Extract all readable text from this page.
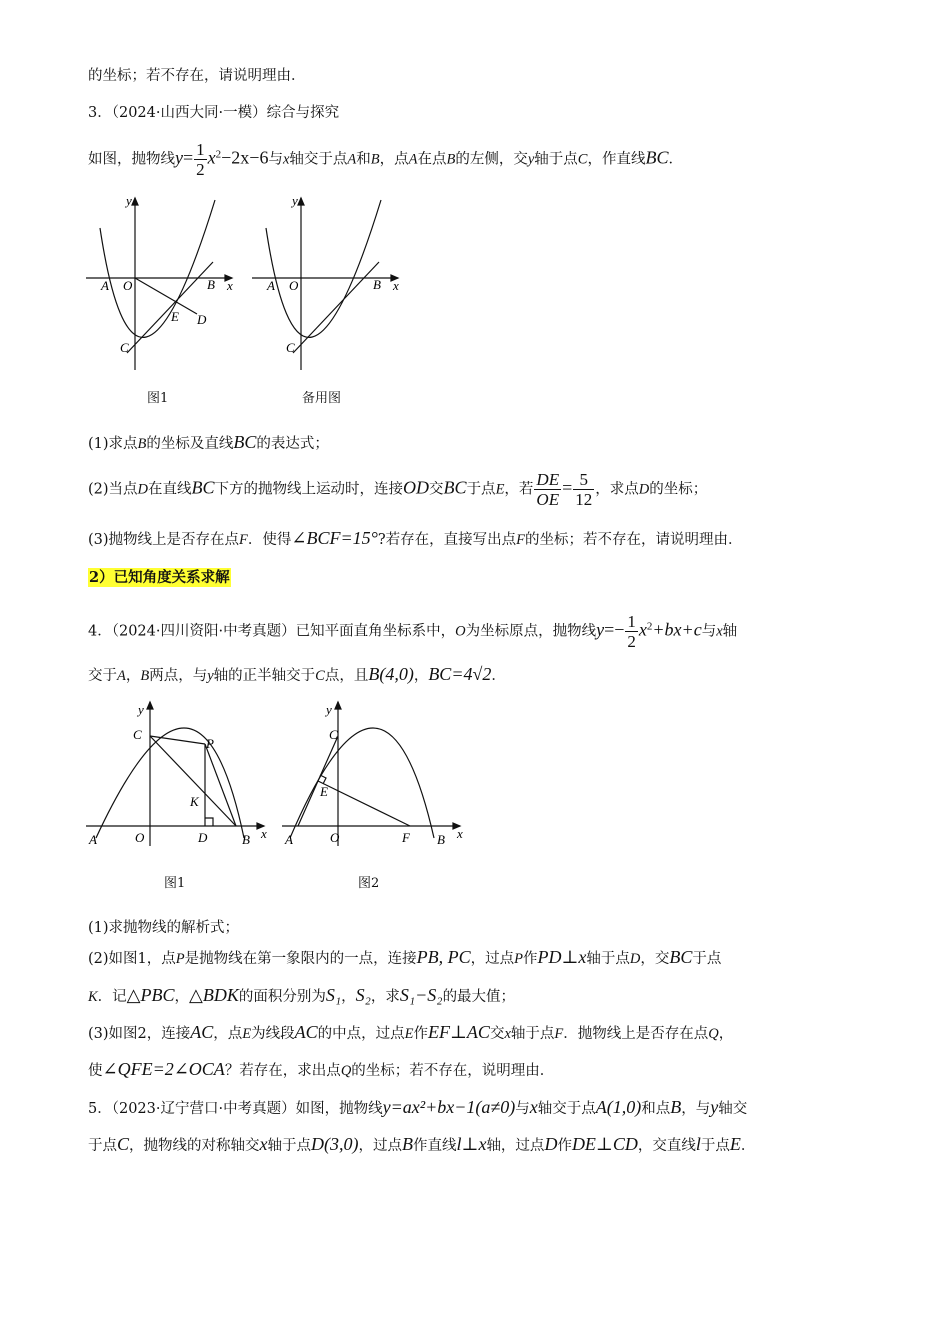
的坐标；若不存在，请说明理由．
3．（2024·山西大同·一模）综合与探究
如图，抛物线$y= \frac{1}{2} x^2-2x-6$与x轴交于点A和B，点A在点B的左侧，交y轴于点C，作直线BC．
y
x
A O	B
C
D
E
图1
y
x
A O	B
C
备用图
(1)求点B的坐标及直线BC的表达式；
(2)当点D在直线BC下方的抛物线上运动时，连接OD交BC于点E，若 $\frac{DE}{OE} = \frac{5}{12}$ ，求点D的坐标；
(3)抛物线上是否存在点F．使得∠BCF=15°?若存在，直接写出点F的坐标；若不存在，请说明理由．
2）已知角度关系求解
4．（2024·四川资阳·中考真题）已知平面直角坐标系中，O为坐标原点，抛物线$y=- \frac{1}{2} x^2+bx+c$与x轴
交于A，B两点，与y轴的正半轴交于C点，且B(4,0)，BC=4√2．
y
x
A	O	B
C
P
K
D
图1
y
x
A	O	B
C
E
F
图2
(1)求抛物线的解析式；
(2)如图1，点P是抛物线在第一象限内的一点，连接PB, PC，过点P作PD⊥x轴于点D，交BC于点
K．记△PBC，△BDK的面积分别为S₁，S₂，求S₁−S₂的最大值；
(3)如图2，连接AC，点E为线段AC的中点，过点E作EF⊥AC交x轴于点F．抛物线上是否存在点Q，
使∠QFE=2∠OCA？若存在，求出点Q的坐标；若不存在，说明理由．
5．（2023·辽宁营口·中考真题）如图，抛物线y=ax²+bx−1(a≠0)与x轴交于点A(1,0)和点B，与y轴交
于点C，抛物线的对称轴交x轴于点D(3,0)，过点B作直线l⊥x轴，过点D作DE⊥CD，交直线l于点E．
